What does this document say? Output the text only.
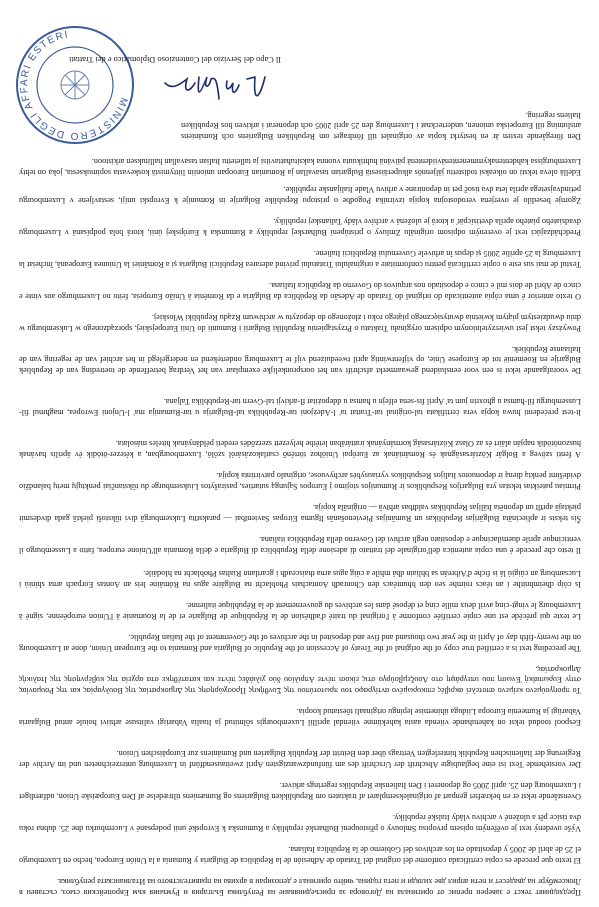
Предходният текст е заверен препис от оригинала на Договора за присъединяване на Република България и Румъния към Европейския съюз, съставен в Люксембург на двадесет и пети април две хиляди и пета година, чийто оригинал е депозиран в архива на правителството на Италианската република.
El texto que precede es copia certificada conforme del original del Tratado de Adhesión de la República de Bulgaria y Rumanía a la Unión Europea, hecho en Luxemburgo el 25 de abril de 2005 y depositado en los archivos del Gobierno de la República Italiana.
Výše uvedený text je ověřeným opisem prvopisu Smlouvy o přistoupení Bulharské republiky a Rumunska k Evropské unii podepsané v Lucemburku dne 25. dubna roku dva tisíce pět a uložené v archivu vlády Italské republiky.
Ovenstående tekst er en bekræftet genpart af originaleksemplaret af traktaten om Republikken Bulgariens og Rumæniens tiltrædelse af Den Europæiske Union, udfærdiget i Luxembourg den 25. april 2005 og deponeret i Den Italienske Republiks regerings arkiver.
Der vorstehende Text ist eine beglaubigte Abschrift der Urschrift des am fünfundzwanzigsten April zweitausendfünf in Luxemburg unterzeichneten und im Archiv der Regierung der Italienischen Republik hinterlegten Vertrags über den Beitritt der Republik Bulgarien und Rumäniens zur Europäischen Union.
Eespool toodud tekst on kahetuhande viienda aasta kahekümne viiendal aprillil Luxembourgis sõlmitud ja Itaalia Vabariigi valitsuse arhiivi hoiule antud Bulgaaria Vabariigi ja Rumeenia Euroopa Liiduga ühinemise lepingu originaali tõestatud koopia.
Το προηγούμενο κείμενο αποτελεί ακριβές επικυρωμένο αντίγραφο του πρωτοτύπου της Συνθήκης Προσχώρησης της Δημοκρατίας της Βουλγαρίας και της Ρουμανίας στην Ευρωπαϊκή Ένωση που υπεγράφη στο Λουξεμβούργο στις είκοσι πέντε Απριλίου δύο χιλιάδες πέντε και κατατέθηκε στα αρχεία της κυβέρνησης της Ιταλικής Δημοκρατίας.
The preceding text is a certified true copy of the original of the Treaty of Accession of the Republic of Bulgaria and Romania to the European Union, done at Luxembourg on the twenty-fifth day of April in the year two thousand and five and deposited in the archives of the Government of the Italian Republic.
Le texte qui précède est une copie certifiée conforme à l'original du traité d'adhésion de la République de Bulgarie et de la Roumanie à l'Union européenne, signé à Luxembourg le vingt-cinq avril deux mille cinq et déposé dans les archives du gouvernement de la République italienne.
Is cóip dheimhnithe í an téacs roimhe seo den bhuntéacs den Chonradh Aontachais Phoblacht na Bulgáire agus na Rómáine leis an Aontas Eorpach arna shíniú i Lucsamburg an cúigiú lá is fiche d'Aibreán sa bhliain dhá mhíle a cúig agus arna thaisceadh i gcartlann Rialtas Phoblacht na hIodáile.
Il testo che precede è una copia autentica dell'originale del trattato di adesione della Repubblica di Bulgaria e della Romania all'Unione europea, fatto a Lussemburgo il venticinque aprile duemilacinque e depositato negli archivi del Governo della Repubblica italiana.
Šis teksts ir apliecināta Bulgārijas Republikas un Rumānijas Pievienošanās līguma Eiropas Savienībai — parakstīta Luksemburgā divi tūkstoši piektā gada divdesmit piektajā aprīlī un deponēta Itālijas Republikas valdības arhīvā — oriģināla kopija.
Pirmiau pateiktas tekstas yra Bulgarijos Respublikos ir Rumunijos stojimo į Europos Sąjungą sutarties, pasirašytos Liuksemburge du tūkstančiai penktųjų metų balandžio dvidešimt penktą dieną ir deponuotos Italijos Respublikos vyriausybės archyvuose, originalo patvirtinta kopija.
A fenti szöveg a Bolgár Köztársaságnak és Romániának az Európai Unióhoz történő csatlakozásáról szóló, Luxembourgban, a kétezer-ötödik év április havának huszonötödik napján aláírt és az Olasz Köztársaság kormányának irattárában letétbe helyezett szerződés eredeti példányának hiteles másolata.
It-test preċedenti huwa kopja vera ċertifikata tal-oriġinal tat-Trattat ta' l-Adeżjoni tar-Repubblika tal-Bulgarija u tar-Rumanija ma' l-Unjoni Ewropea, magħmul fil-Lussemburgu fil-ħamsa u għoxrin jum ta' April fis-sena elfejn u ħamsa u ddepożitat fl-arkivji tal-Gvern tar-Repubblika Taljana.
De voorafgaande tekst is een voor eensluidend gewaarmerkt afschrift van het oorspronkelijke exemplaar van het Verdrag betreffende de toetreding van de Republiek Bulgarije en Roemenië tot de Europese Unie, op vijfentwintig april tweeduizend vijf te Luxemburg ondertekend en nedergelegd in het archief van de regering van de Italiaanse Republiek.
Powyższy tekst jest uwierzytelnionym odpisem oryginału Traktatu o Przystąpieniu Republiki Bułgarii i Rumunii do Unii Europejskiej, sporządzonego w Luksemburgu w dniu dwudziestym piątym kwietnia dwutysięcznego piątego roku i złożonego do depozytu w archiwum Rządu Republiki Włoskiej.
O texto anterior é uma cópia autenticada do original do Tratado de Adesão da República da Bulgária e da Roménia à União Europeia, feito no Luxemburgo aos vinte e cinco de Abril de dois mil e cinco e depositado nos arquivos do Governo da República Italiana.
Textul de mai sus este o copie certificată pentru conformitate a originalului Tratatului privind aderarea Republicii Bulgaria și a României la Uniunea Europeană, încheiat la Luxemburg la 25 aprilie 2005 și depus în arhivele Guvernului Republicii Italiene.
Predchádzajúci text je overeným odpisom originálu Zmluvy o pristúpení Bulharskej republiky a Rumunska k Európskej únii, ktorá bola podpísaná v Luxemburgu dvadsiateho piateho apríla dvetisícpäť a ktorá je uložená v archíve vlády Talianskej republiky.
Zgornje besedilo je overjena verodostojna kopija izvirnika Pogodbe o pristopu Republike Bolgarije in Romunije k Evropski uniji, sestavljene v Luxembourgu petindvajsetega aprila leta dva tisoč pet in deponirane v arhivu Vlade Italijanske republike.
Edellä oleva teksti on oikeaksi todistettu jäljennös alkuperäisestä Bulgarian tasavallan ja Romanian Euroopan unioniin liittymistä koskevasta sopimuksesta, joka on tehty Luxemburgissa kahdentenakymmenentenäviidentenä päivänä huhtikuuta vuonna kaksituhattaviisi ja talletettu Italian tasavallan hallituksen arkistoon.
Den föregående texten är en bestyrkt kopia av originalet till fördraget om Republiken Bulgariens och Rumäniens anslutning till Europeiska unionen, undertecknat i Luxemburg den 25 april 2005 och deponerat i arkiven hos Republiken Italiens regering.
MINISTERO DEGLI AFFARI ESTERI
Il Capo del Servizio del Contenzioso Diplomatico e dei Trattati
